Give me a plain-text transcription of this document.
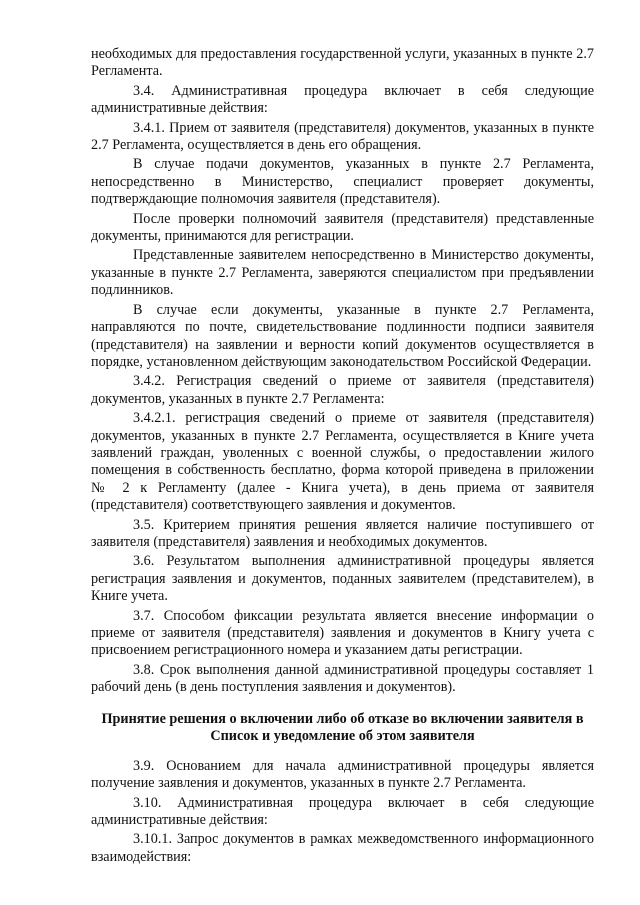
необходимых для предоставления государственной услуги, указанных в пункте 2.7 Регламента.

3.4. Административная процедура включает в себя следующие административные действия:

3.4.1. Прием от заявителя (представителя) документов, указанных в пункте 2.7 Регламента, осуществляется в день его обращения.

В случае подачи документов, указанных в пункте 2.7 Регламента, непосредственно в Министерство, специалист проверяет документы, подтверждающие полномочия заявителя (представителя).

После проверки полномочий заявителя (представителя) представленные документы, принимаются для регистрации.

Представленные заявителем непосредственно в Министерство документы, указанные в пункте 2.7 Регламента, заверяются специалистом при предъявлении подлинников.

В случае если документы, указанные в пункте 2.7 Регламента, направляются по почте, свидетельствование подлинности подписи заявителя (представителя) на заявлении и верности копий документов осуществляется в порядке, установленном действующим законодательством Российской Федерации.

3.4.2. Регистрация сведений о приеме от заявителя (представителя) документов, указанных в пункте 2.7 Регламента:

3.4.2.1. регистрация сведений о приеме от заявителя (представителя) документов, указанных в пункте 2.7 Регламента, осуществляется в Книге учета заявлений граждан, уволенных с военной службы, о предоставлении жилого помещения в собственность бесплатно, форма которой приведена в приложении № 2 к Регламенту (далее - Книга учета), в день приема от заявителя (представителя) соответствующего заявления и документов.

3.5. Критерием принятия решения является наличие поступившего от заявителя (представителя) заявления и необходимых документов.

3.6. Результатом выполнения административной процедуры является регистрация заявления и документов, поданных заявителем (представителем), в Книге учета.

3.7. Способом фиксации результата является внесение информации о приеме от заявителя (представителя) заявления и документов в Книгу учета с присвоением регистрационного номера и указанием даты регистрации.

3.8. Срок выполнения данной административной процедуры составляет 1 рабочий день (в день поступления заявления и документов).

Принятие решения о включении либо об отказе во включении заявителя в Список и уведомление об этом заявителя

3.9. Основанием для начала административной процедуры является получение заявления и документов, указанных в пункте 2.7 Регламента.

3.10. Административная процедура включает в себя следующие административные действия:

3.10.1. Запрос документов в рамках межведомственного информационного взаимодействия:
